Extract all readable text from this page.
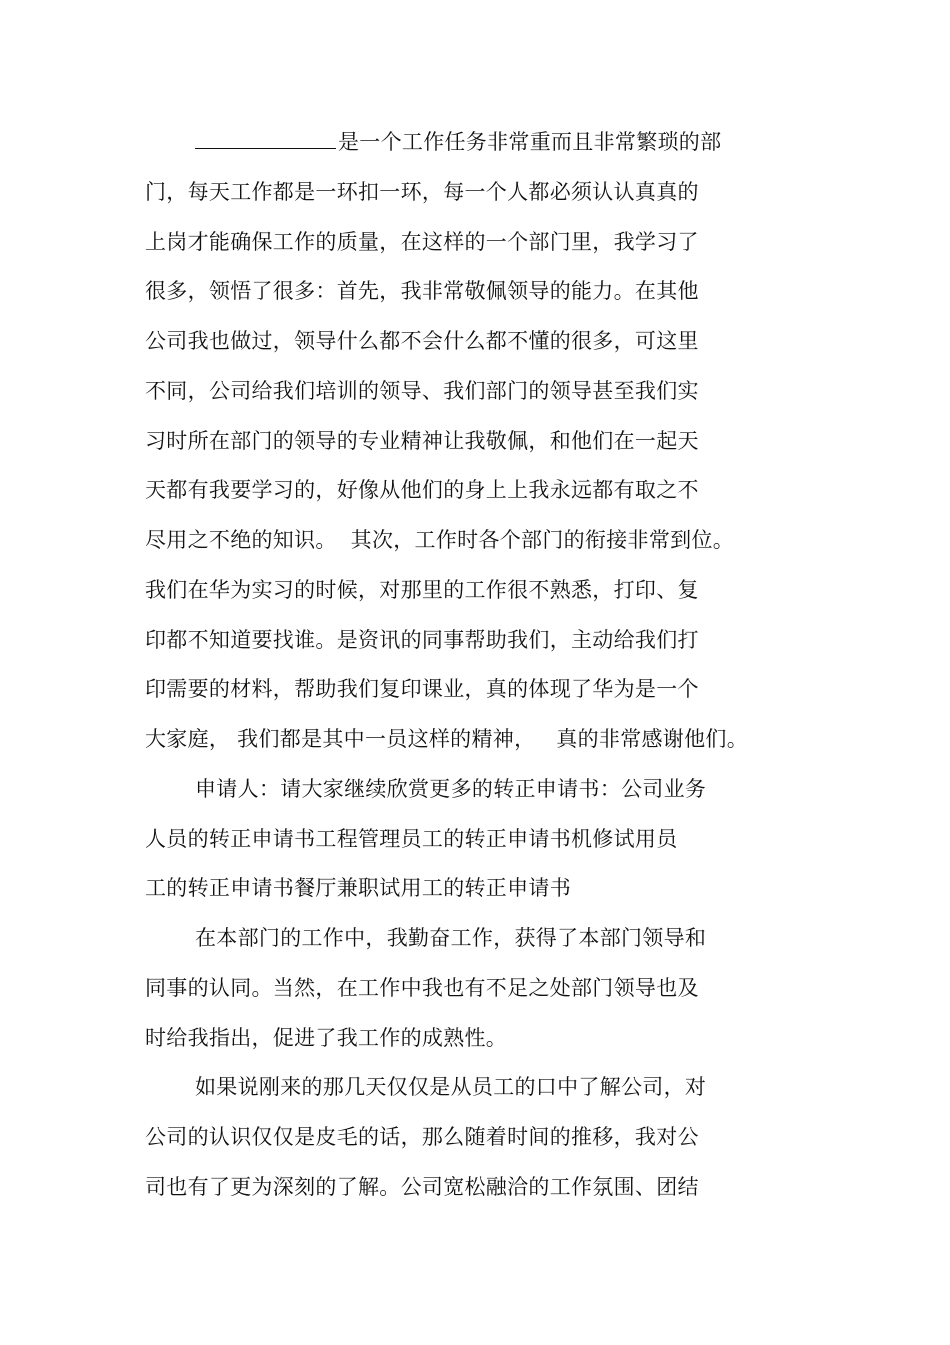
是一个工作任务非常重而且非常繁琐的部
门，每天工作都是一环扣一环，每一个人都必须认认真真的
上岗才能确保工作的质量，在这样的一个部门里，我学习了
很多，领悟了很多：首先，我非常敬佩领导的能力。在其他
公司我也做过，领导什么都不会什么都不懂的很多，可这里
不同，公司给我们培训的领导、我们部门的领导甚至我们实
习时所在部门的领导的专业精神让我敬佩，和他们在一起天
天都有我要学习的，好像从他们的身上上我永远都有取之不
尽用之不绝的知识。  其次，工作时各个部门的衔接非常到位。
我们在华为实习的时候，对那里的工作很不熟悉，打印、复
印都不知道要找谁。是资讯的同事帮助我们，主动给我们打
印需要的材料，帮助我们复印课业，真的体现了华为是一个
大家庭， 我们都是其中一员这样的精神，   真的非常感谢他们。
申请人：请大家继续欣赏更多的转正申请书：公司业务
人员的转正申请书工程管理员工的转正申请书机修试用员
工的转正申请书餐厅兼职试用工的转正申请书
在本部门的工作中，我勤奋工作，获得了本部门领导和
同事的认同。当然，在工作中我也有不足之处部门领导也及
时给我指出，促进了我工作的成熟性。
如果说刚来的那几天仅仅是从员工的口中了解公司，对
公司的认识仅仅是皮毛的话，那么随着时间的推移，我对公
司也有了更为深刻的了解。公司宽松融洽的工作氛围、团结
